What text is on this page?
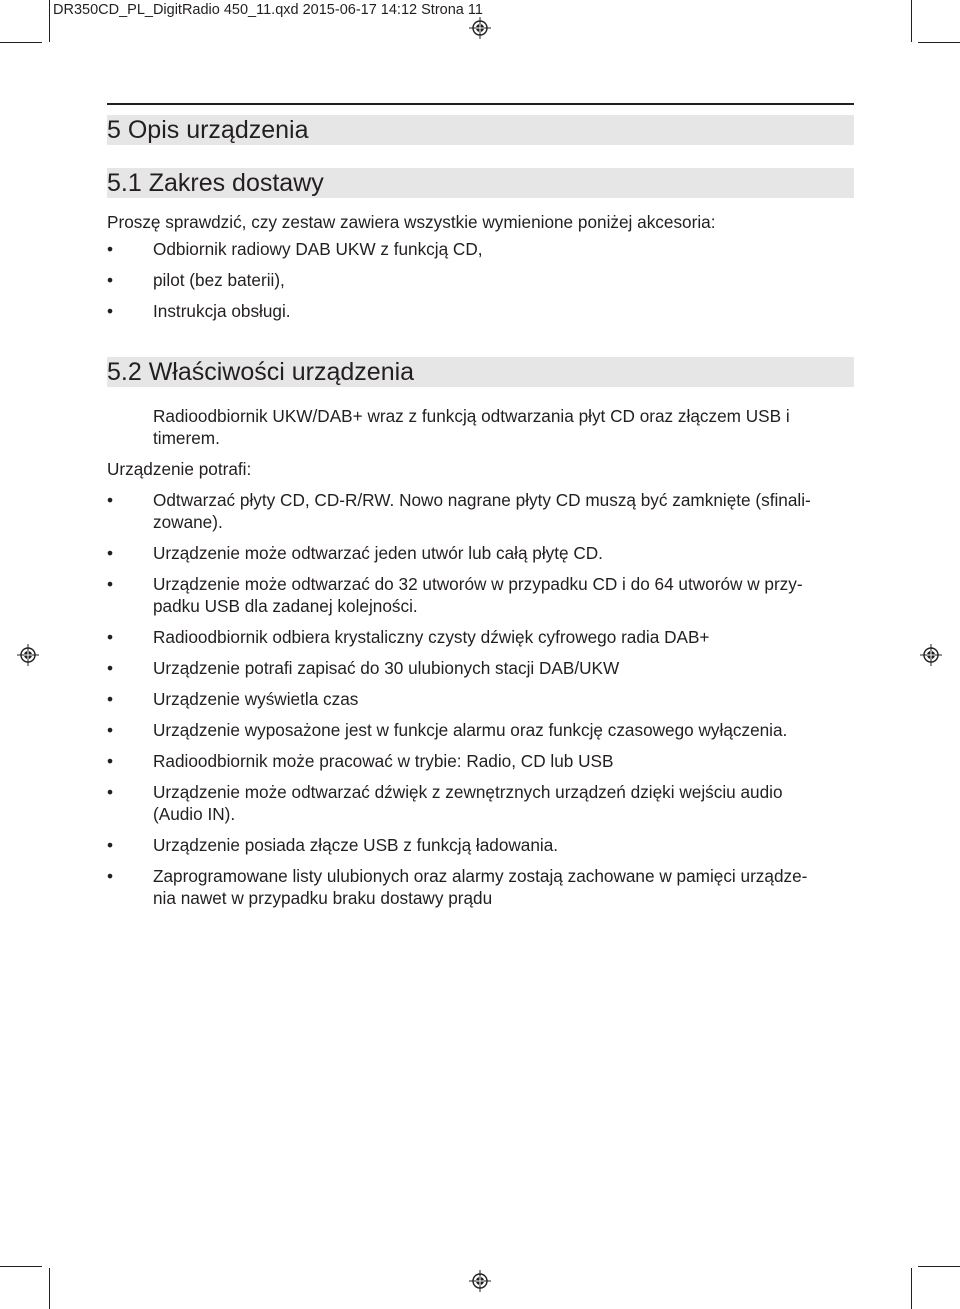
DR350CD_PL_DigitRadio 450_11.qxd 2015-06-17 14:12 Strona 11
5 Opis urządzenia
5.1 Zakres dostawy
Proszę sprawdzić, czy zestaw zawiera wszystkie wymienione poniżej akcesoria:
• Odbiornik radiowy DAB UKW z funkcją CD,
• pilot (bez baterii),
• Instrukcja obsługi.
5.2 Właściwości urządzenia
Radioodbiornik UKW/DAB+ wraz z funkcją odtwarzania płyt CD oraz złączem USB i
timerem.
Urządzenie potrafi:
• Odtwarzać płyty CD, CD-R/RW. Nowo nagrane płyty CD muszą być zamknięte (sfinali-
zowane).
• Urządzenie może odtwarzać jeden utwór lub całą płytę CD.
• Urządzenie może odtwarzać do 32 utworów w przypadku CD i do 64 utworów w przy-
padku USB dla zadanej kolejności.
• Radioodbiornik odbiera krystaliczny czysty dźwięk cyfrowego radia DAB+
• Urządzenie potrafi zapisać do 30 ulubionych stacji DAB/UKW
• Urządzenie wyświetla czas
• Urządzenie wyposażone jest w funkcje alarmu oraz funkcję czasowego wyłączenia.
• Radioodbiornik może pracować w trybie: Radio, CD lub USB
• Urządzenie może odtwarzać dźwięk z zewnętrznych urządzeń dzięki wejściu audio
(Audio IN).
• Urządzenie posiada złącze USB z funkcją ładowania.
• Zaprogramowane listy ulubionych oraz alarmy zostają zachowane w pamięci urządze-
nia nawet w przypadku braku dostawy prądu
